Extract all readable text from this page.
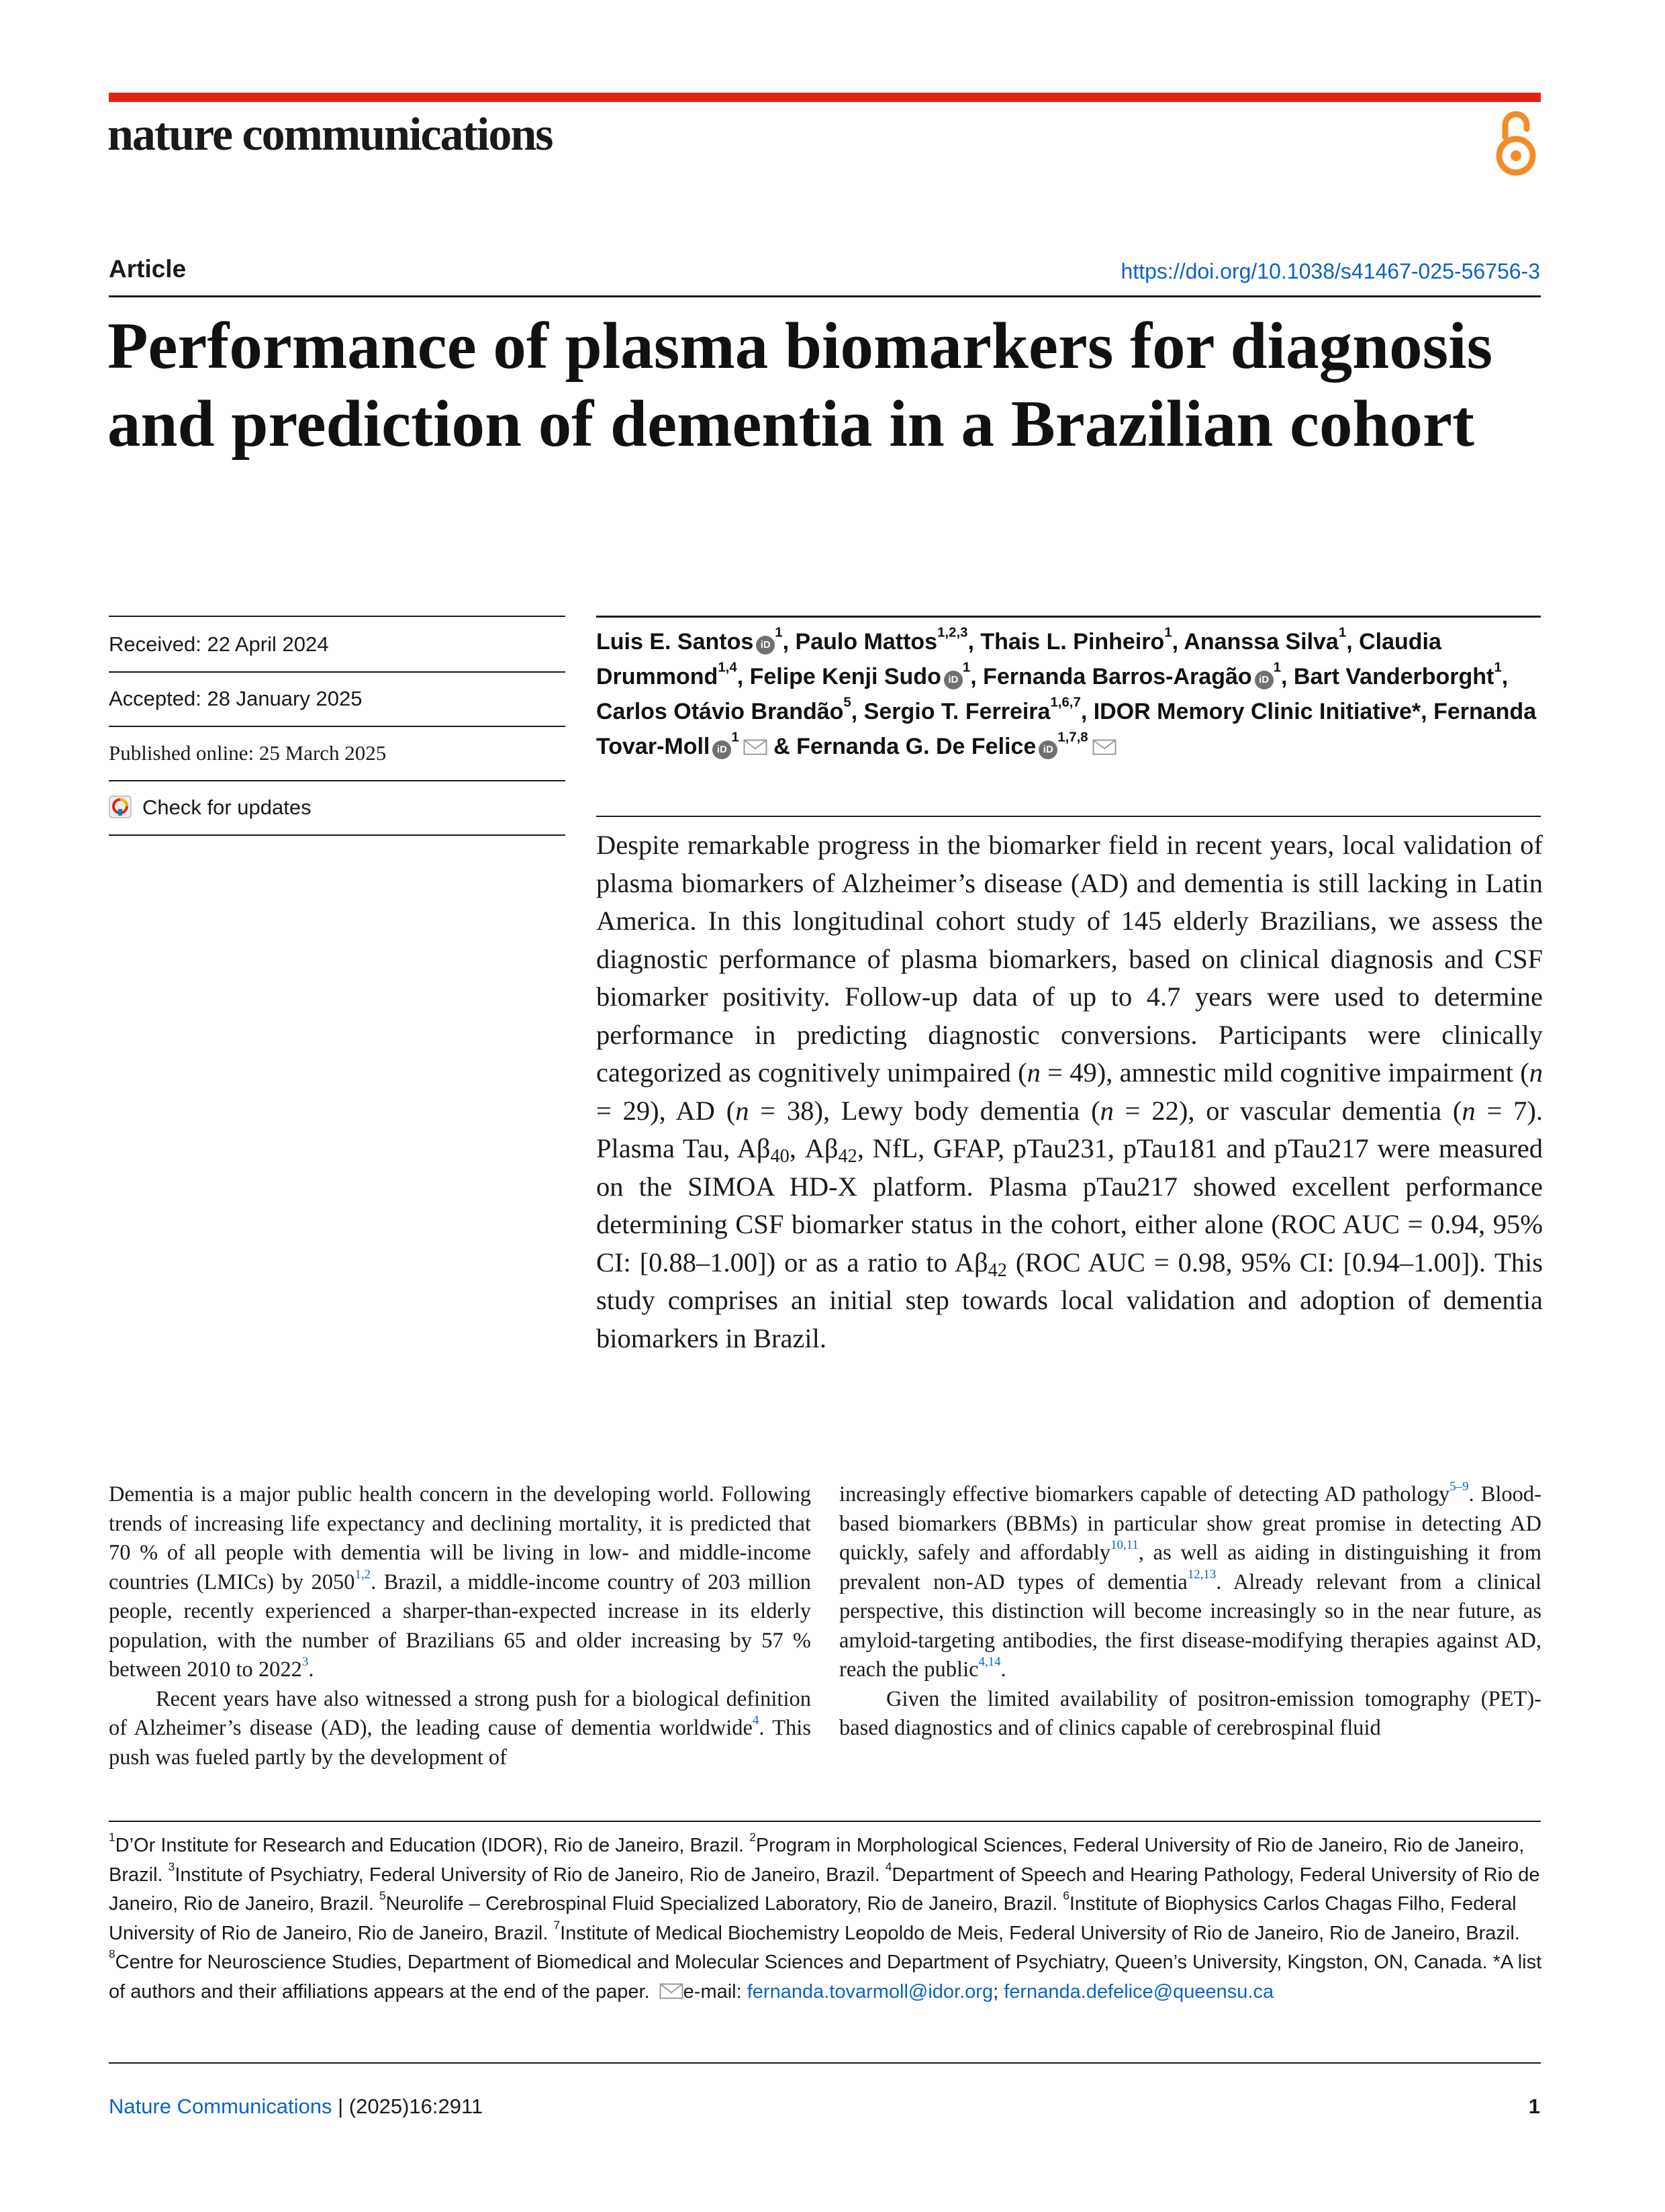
nature communications
Article	https://doi.org/10.1038/s41467-025-56756-3
Performance of plasma biomarkers for diagnosis and prediction of dementia in a Brazilian cohort
Received: 22 April 2024
Accepted: 28 January 2025
Published online: 25 March 2025
Check for updates

Luis E. Santos $iD^1$, Paulo Mattos$^{1,2,3}$, Thais L. Pinheiro$^1$, Ananssa Silva$^1$, Claudia Drummond$^{1,4}$, Felipe Kenji Sudo $iD^1$, Fernanda Barros-Aragão $iD^1$, Bart Vanderborght$^1$, Carlos Otávio Brandão$^5$, Sergio T. Ferreira$^{1,6,7}$, IDOR Memory Clinic Initiative*, Fernanda Tovar-Moll $iD^1$ & Fernanda G. De Felice iD$^{1,7,8}$

Despite remarkable progress in the biomarker field in recent years, local validation of plasma biomarkers of Alzheimer’s disease (AD) and dementia is still lacking in Latin America. In this longitudinal cohort study of 145 elderly Brazilians, we assess the diagnostic performance of plasma biomarkers, based on clinical diagnosis and CSF biomarker positivity. Follow-up data of up to 4.7 years were used to determine performance in predicting diagnostic conversions. Participants were clinically categorized as cognitively unimpaired (n = 49), amnestic mild cognitive impairment (n = 29), AD (n = 38), Lewy body dementia (n = 22), or vascular dementia (n = 7). Plasma Tau, $A\beta_{40}$, $A\beta_{42}$, NfL, GFAP, pTau231, pTau181 and pTau217 were measured on the SIMOA HD-X platform. Plasma pTau217 showed excellent performance determining CSF biomarker status in the cohort, either alone (ROC AUC = 0.94, 95% CI: [0.88–1.00]) or as a ratio to $A\beta_{42}$ (ROC AUC = 0.98, 95% CI: [0.94–1.00]). This study comprises an initial step towards local validation and adoption of dementia biomarkers in Brazil.

Dementia is a major public health concern in the developing world. Following trends of increasing life expectancy and declining mortality, it is predicted that 70 % of all people with dementia will be living in low- and middle-income countries (LMICs) by 2050$^{1,2}$. Brazil, a middle-income country of 203 million people, recently experienced a sharper-than-expected increase in its elderly population, with the number of Brazilians 65 and older increasing by 57 % between 2010 to 2022$^3$.

Recent years have also witnessed a strong push for a biological definition of Alzheimer’s disease (AD), the leading cause of dementia worldwide$^4$. This push was fueled partly by the development of

increasingly effective biomarkers capable of detecting AD pathology$^{5-9}$. Blood-based biomarkers (BBMs) in particular show great promise in detecting AD quickly, safely and affordably$^{10,11}$, as well as aiding in distinguishing it from prevalent non-AD types of dementia$^{12,13}$. Already relevant from a clinical perspective, this distinction will become increasingly so in the near future, as amyloid-targeting antibodies, the first disease-modifying therapies against AD, reach the public$^{4,14}$.

Given the limited availability of positron-emission tomography (PET)-based diagnostics and of clinics capable of cerebrospinal fluid

$^1$D’Or Institute for Research and Education (IDOR), Rio de Janeiro, Brazil. $^2$Program in Morphological Sciences, Federal University of Rio de Janeiro, Rio de Janeiro, Brazil. $^3$Institute of Psychiatry, Federal University of Rio de Janeiro, Rio de Janeiro, Brazil. $^4$Department of Speech and Hearing Pathology, Federal University of Rio de Janeiro, Rio de Janeiro, Brazil. $^5$Neurolife – Cerebrospinal Fluid Specialized Laboratory, Rio de Janeiro, Brazil. $^6$Institute of Biophysics Carlos Chagas Filho, Federal University of Rio de Janeiro, Rio de Janeiro, Brazil. $^7$Institute of Medical Biochemistry Leopoldo de Meis, Federal University of Rio de Janeiro, Rio de Janeiro, Brazil. $^8$Centre for Neuroscience Studies, Department of Biomedical and Molecular Sciences and Department of Psychiatry, Queen’s University, Kingston, ON, Canada. *A list of authors and their affiliations appears at the end of the paper. e-mail: fernanda.tovarmoll@idor.org; fernanda.defelice@queensu.ca

Nature Communications | (2025)16:2911	1
